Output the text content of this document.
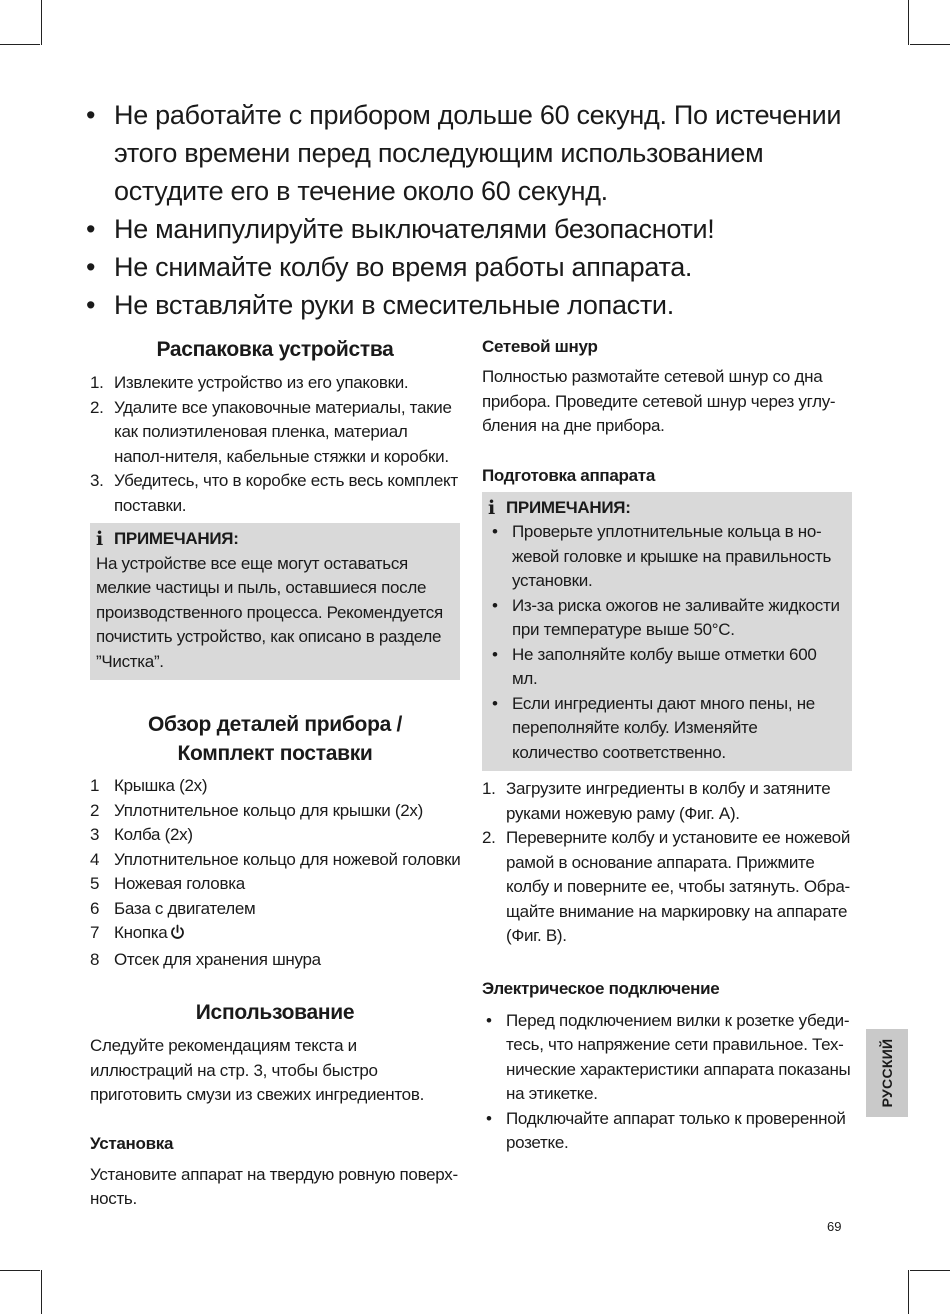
• Не работайте с прибором дольше 60 секунд. По истечении этого времени перед последующим использованием остудите его в течение около 60 секунд.
• Не манипулируйте выключателями безопасноти!
• Не снимайте колбу во время работы аппарата.
• Не вставляйте руки в смесительные лопасти.
Распаковка устройства
1. Извлеките устройство из его упаковки.
2. Удалите все упаковочные материалы, такие как полиэтиленовая пленка, материал напол-нителя, кабельные стяжки и коробки.
3. Убедитесь, что в коробке есть весь комплект поставки.
i ПРИМЕЧАНИЯ:

На устройстве все еще могут оставаться мелкие частицы и пыль, оставшиеся после производственного процесса. Рекомендуется почистить устройство, как описано в разделе ”Чистка”.

Обзор деталей прибора /
Комплект поставки
1 Крышка (2x)
2 Уплотнительное кольцо для крышки (2x)
3 Колба (2x)
4 Уплотнительное кольцо для ножевой головки
5 Ножевая головка
6 База с двигателем
7 Кнопка
8 Отсек для хранения шнура
Использование

Следуйте рекомендациям текста и иллюстраций на стр. 3, чтобы быстро приготовить смузи из свежих ингредиентов.

Установка

Установите аппарат на твердую ровную поверх-ность.

Сетевой шнур

Полностью размотайте сетевой шнур со дна прибора. Проведите сетевой шнур через углу-бления на дне прибора.

Подготовка аппарата
i ПРИМЕЧАНИЯ:
• Проверьте уплотнительные кольца в но-жевой головке и крышке на правильность установки.
• Из-за риска ожогов не заливайте жидкости при температуре выше 50°C.
• Не заполняйте колбу выше отметки 600 мл.
• Если ингредиенты дают много пены, не переполняйте колбу. Изменяйте количество соответственно.
1. Загрузите ингредиенты в колбу и затяните руками ножевую раму (Фиг. A).
2. Переверните колбу и установите ее ножевой рамой в основание аппарата. Прижмите колбу и поверните ее, чтобы затянуть. Обра-щайте внимание на маркировку на аппарате (Фиг. B).
Электрическое подключение
• Перед подключением вилки к розетке убеди-тесь, что напряжение сети правильное. Тех-нические характеристики аппарата показаны на этикетке.
• Подключайте аппарат только к проверенной розетке.
РУССКИЙ
69
